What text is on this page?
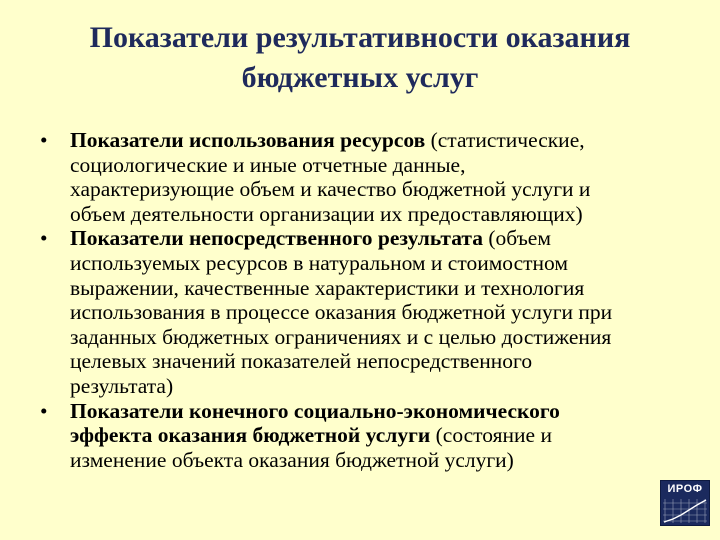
Показатели результативности оказания
бюджетных услуг
•	Показатели использования ресурсов (статистические,
социологические и иные отчетные данные,
характеризующие объем и качество бюджетной услуги и
объем деятельности организации их предоставляющих)
•	Показатели непосредственного результата (объем
используемых ресурсов в натуральном и стоимостном
выражении, качественные характеристики и технология
использования в процессе оказания бюджетной услуги при
заданных бюджетных ограничениях и с целью достижения
целевых значений показателей непосредственного
результата)
•	Показатели конечного социально-экономического
эффекта оказания бюджетной услуги (состояние и
изменение объекта оказания бюджетной услуги)
ИРОФ
